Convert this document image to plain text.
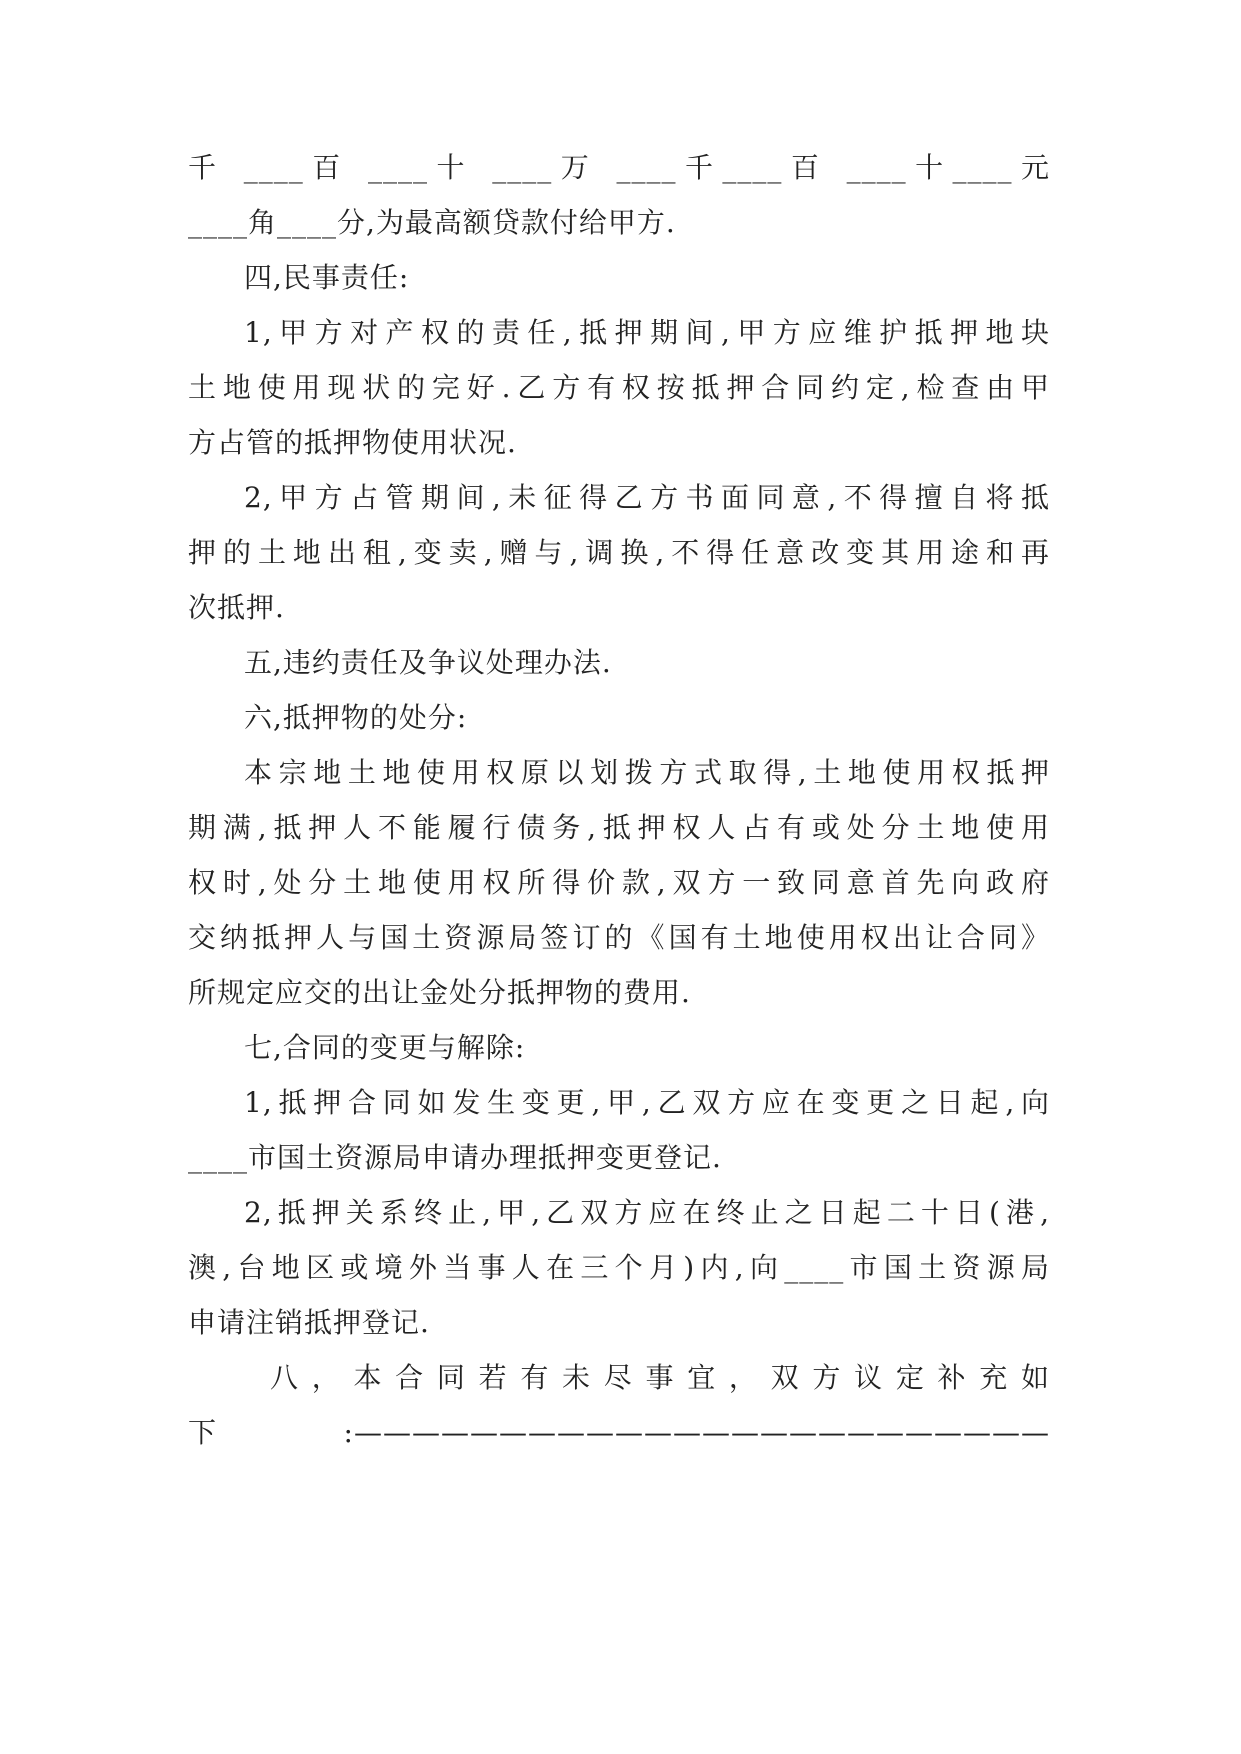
千 ____百 ____十 ____万 ____千____百 ____十____元
____角____分,为最高额贷款付给甲方.
四,民事责任:
1,甲方对产权的责任,抵押期间,甲方应维护抵押地块
土地使用现状的完好.乙方有权按抵押合同约定,检查由甲
方占管的抵押物使用状况.
2,甲方占管期间,未征得乙方书面同意,不得擅自将抵
押的土地出租,变卖,赠与,调换,不得任意改变其用途和再
次抵押.
五,违约责任及争议处理办法.
六,抵押物的处分:
本宗地土地使用权原以划拨方式取得,土地使用权抵押
期满,抵押人不能履行债务,抵押权人占有或处分土地使用
权时,处分土地使用权所得价款,双方一致同意首先向政府
交纳抵押人与国土资源局签订的《国有土地使用权出让合同》
所规定应交的出让金处分抵押物的费用.
七,合同的变更与解除:
1,抵押合同如发生变更,甲,乙双方应在变更之日起,向
____市国土资源局申请办理抵押变更登记.
2,抵押关系终止,甲,乙双方应在终止之日起二十日(港,
澳,台地区或境外当事人在三个月)内,向____市国土资源局
申请注销抵押登记.
八，本合同若有未尽事宜，双方议定补充如
下 :————————————————————————
